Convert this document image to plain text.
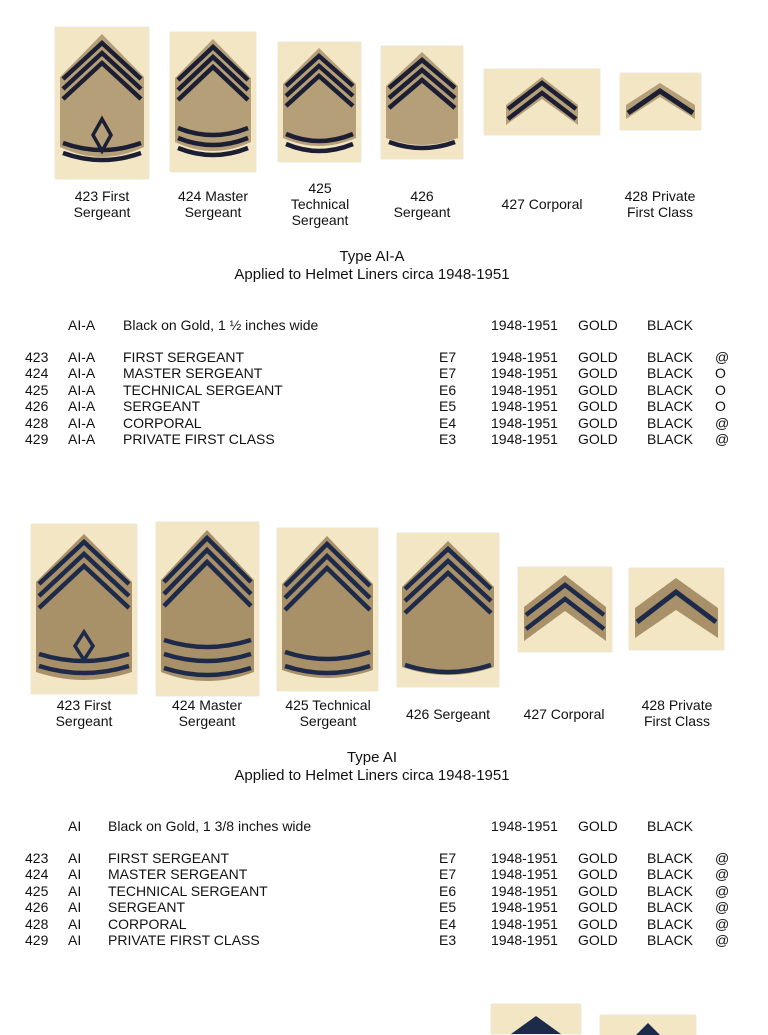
423 First
Sergeant
424 Master
Sergeant
425
Technical
Sergeant
426
Sergeant	427 Corporal	428 Private
First Class
Type AI-A
Applied to Helmet Liners circa 1948-1951
AI-A Black on Gold, 1 ½ inches wide	1948-1951 GOLD BLACK
423 AI-A FIRST SERGEANT	E7 1948-1951 GOLD BLACK @
424 AI-A MASTER SERGEANT	E7 1948-1951 GOLD BLACK O
425 AI-A TECHNICAL SERGEANT	E6 1948-1951 GOLD BLACK O
426 AI-A SERGEANT	E5 1948-1951 GOLD BLACK O
428 AI-A CORPORAL	E4 1948-1951 GOLD BLACK @
429 AI-A PRIVATE FIRST CLASS	E3 1948-1951 GOLD BLACK @
423 First
Sergeant
424 Master
Sergeant
425 Technical
Sergeant	426 Sergeant	427 Corporal
428 Private
First Class
Type AI
Applied to Helmet Liners circa 1948-1951
AI Black on Gold, 1 3/8 inches wide	1948-1951 GOLD BLACK
423 AI FIRST SERGEANT	E7 1948-1951 GOLD BLACK @
424 AI MASTER SERGEANT	E7 1948-1951 GOLD BLACK @
425 AI TECHNICAL SERGEANT	E6 1948-1951 GOLD BLACK @
426 AI SERGEANT	E5 1948-1951 GOLD BLACK @
428 AI CORPORAL	E4 1948-1951 GOLD BLACK @
429 AI PRIVATE FIRST CLASS	E3 1948-1951 GOLD BLACK @
